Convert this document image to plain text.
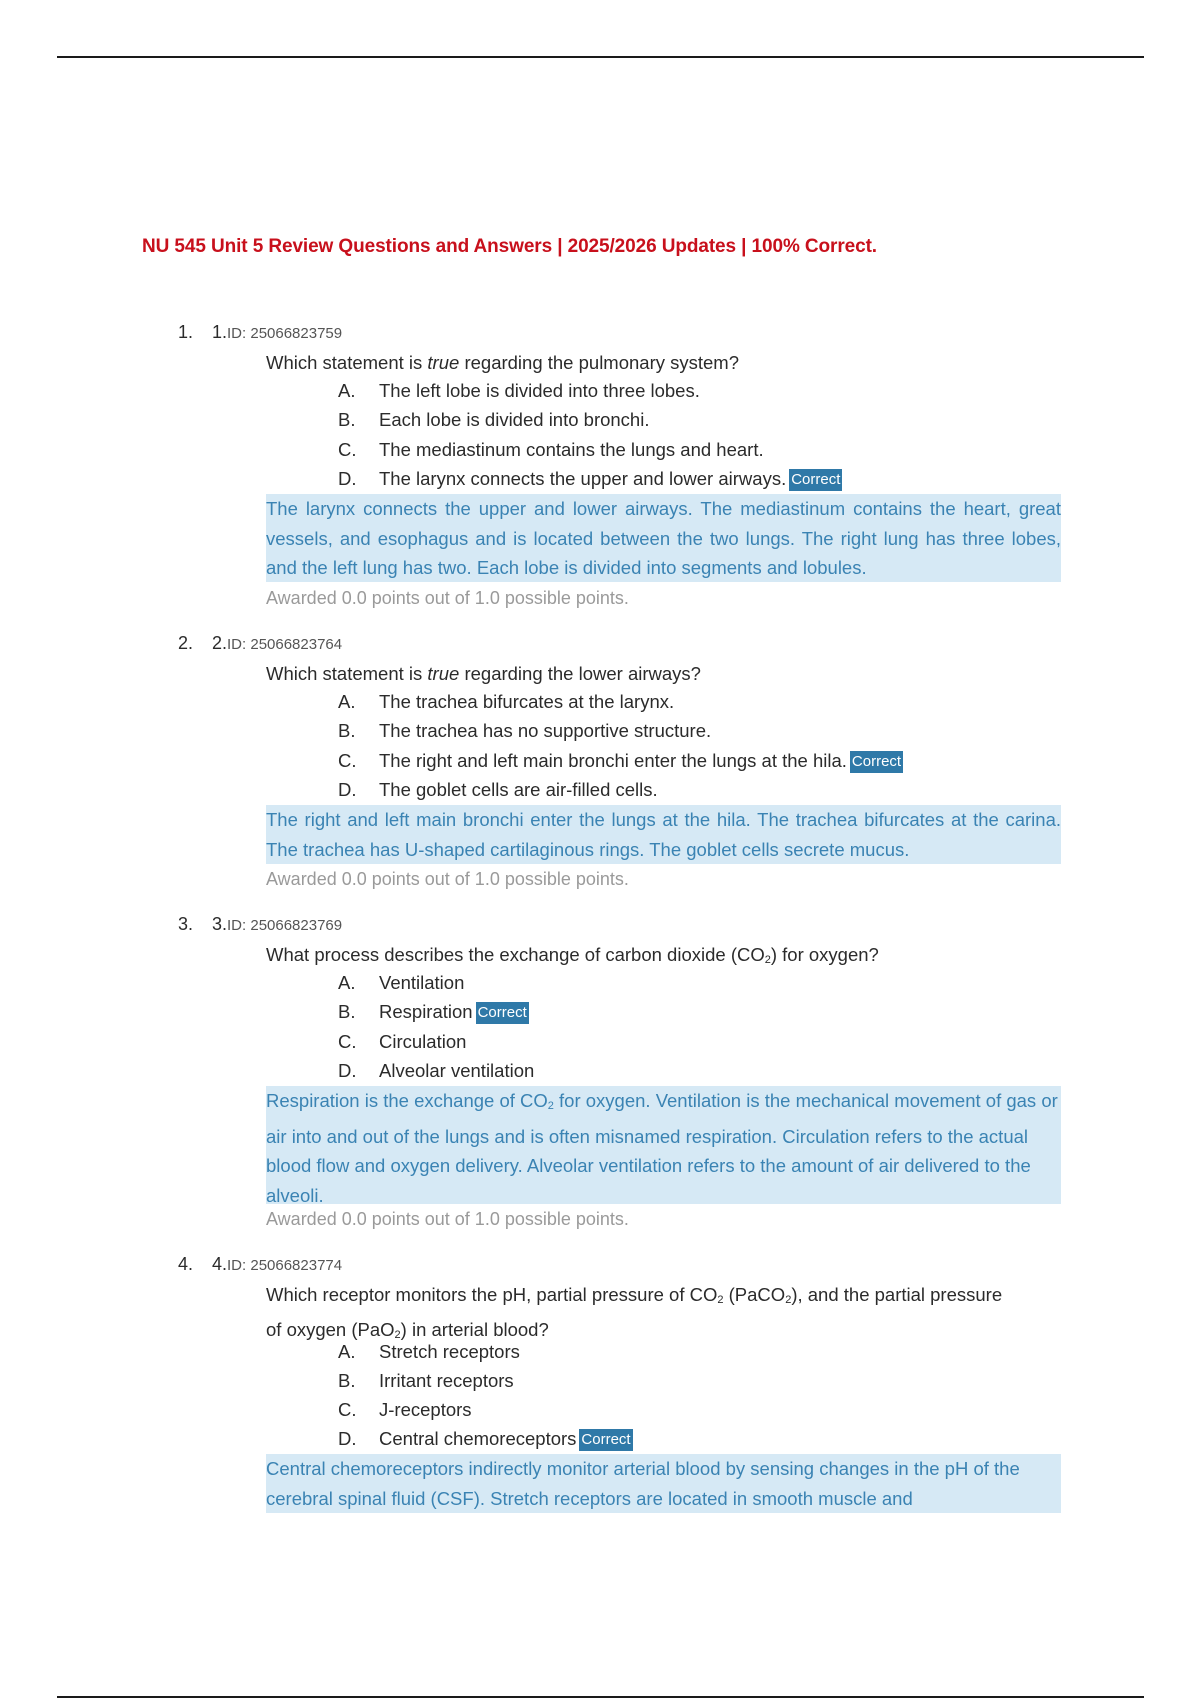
NU 545 Unit 5 Review Questions and Answers | 2025/2026 Updates | 100% Correct.
1. 1.ID: 25066823759
Which statement is true regarding the pulmonary system?
A. The left lobe is divided into three lobes.
B. Each lobe is divided into bronchi.
C. The mediastinum contains the lungs and heart.
D. The larynx connects the upper and lower airways. Correct
The larynx connects the upper and lower airways. The mediastinum contains the heart, great vessels, and esophagus and is located between the two lungs. The right lung has three lobes, and the left lung has two. Each lobe is divided into segments and lobules.
Awarded 0.0 points out of 1.0 possible points.
2. 2.ID: 25066823764
Which statement is true regarding the lower airways?
A. The trachea bifurcates at the larynx.
B. The trachea has no supportive structure.
C. The right and left main bronchi enter the lungs at the hila. Correct
D. The goblet cells are air-filled cells.
The right and left main bronchi enter the lungs at the hila. The trachea bifurcates at the carina. The trachea has U-shaped cartilaginous rings. The goblet cells secrete mucus.
Awarded 0.0 points out of 1.0 possible points.
3. 3.ID: 25066823769
What process describes the exchange of carbon dioxide $(CO_2)$ for oxygen?
A. Ventilation
B. Respiration Correct
C. Circulation
D. Alveolar ventilation
Respiration is the exchange of $CO_2$ for oxygen. Ventilation is the mechanical movement of gas or air into and out of the lungs and is often misnamed respiration. Circulation refers to the actual blood flow and oxygen delivery. Alveolar ventilation refers to the amount of air delivered to the alveoli.
Awarded 0.0 points out of 1.0 possible points.
4. 4.ID: 25066823774
Which receptor monitors the pH, partial pressure of $CO_2$ (PaCO$_2$), and the partial pressure of oxygen (PaO$_2$) in arterial blood?
A. Stretch receptors
B. Irritant receptors
C. J-receptors
D. Central chemoreceptors Correct
Central chemoreceptors indirectly monitor arterial blood by sensing changes in the pH of the cerebral spinal fluid (CSF). Stretch receptors are located in smooth muscle and
